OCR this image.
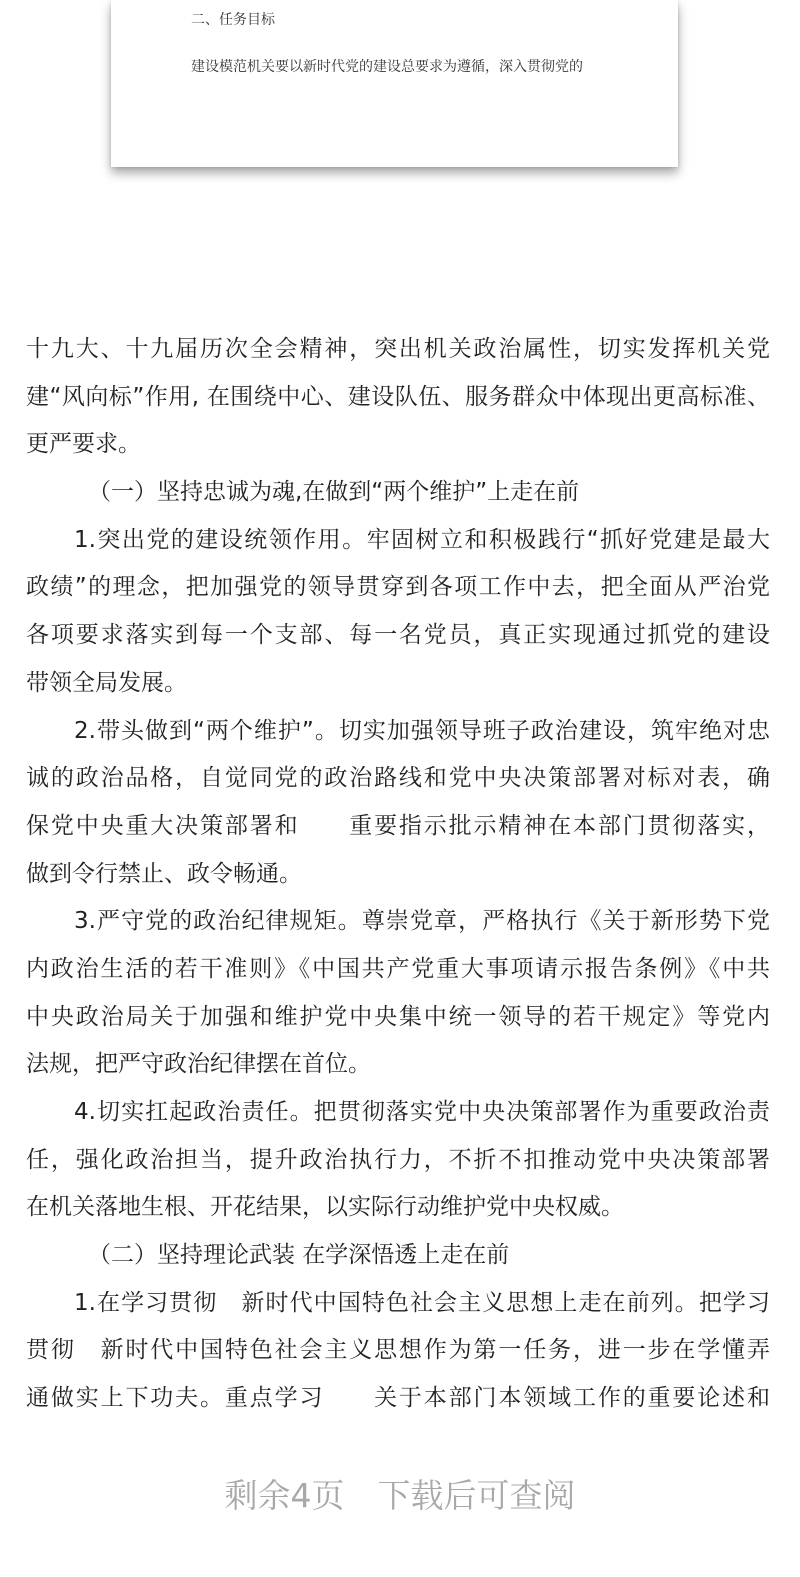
二、任务目标
建设模范机关要以新时代党的建设总要求为遵循，深入贯彻党的
十九大、十九届历次全会精神，突出机关政治属性，切实发挥机关党
建“风向标”作用, 在围绕中心、建设队伍、服务群众中体现出更高标准、
更严要求。
（一）坚持忠诚为魂,在做到“两个维护”上走在前
1.突出党的建设统领作用。牢固树立和积极践行“抓好党建是最大
政绩”的理念，把加强党的领导贯穿到各项工作中去，把全面从严治党
各项要求落实到每一个支部、每一名党员，真正实现通过抓党的建设
带领全局发展。
2.带头做到“两个维护”。切实加强领导班子政治建设，筑牢绝对忠
诚的政治品格，自觉同党的政治路线和党中央决策部署对标对表，确
保党中央重大决策部署和　　重要指示批示精神在本部门贯彻落实，
做到令行禁止、政令畅通。
3.严守党的政治纪律规矩。尊崇党章，严格执行《关于新形势下党
内政治生活的若干准则》《中国共产党重大事项请示报告条例》《中共
中央政治局关于加强和维护党中央集中统一领导的若干规定》等党内
法规，把严守政治纪律摆在首位。
4.切实扛起政治责任。把贯彻落实党中央决策部署作为重要政治责
任，强化政治担当，提升政治执行力，不折不扣推动党中央决策部署
在机关落地生根、开花结果，以实际行动维护党中央权威。
（二）坚持理论武装 在学深悟透上走在前
1.在学习贯彻　新时代中国特色社会主义思想上走在前列。把学习
贯彻　新时代中国特色社会主义思想作为第一任务，进一步在学懂弄
通做实上下功夫。重点学习　　关于本部门本领域工作的重要论述和
剩余4页　下载后可查阅
